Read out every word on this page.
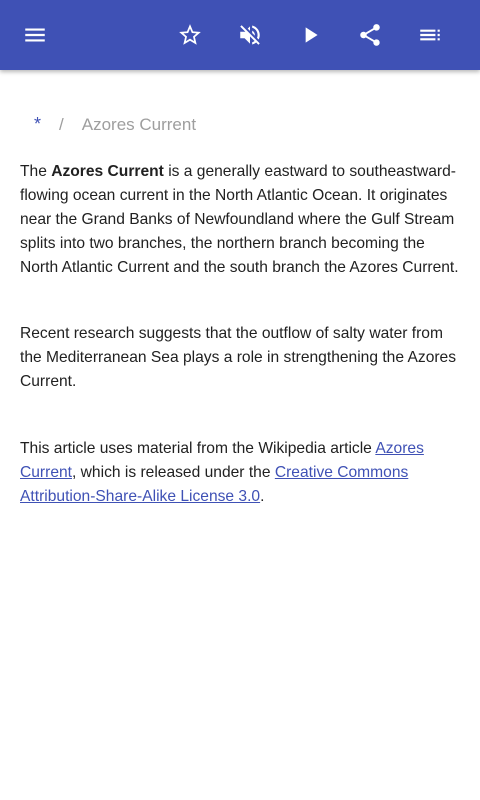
* / Azores Current
The Azores Current is a generally eastward to southeastward-flowing ocean current in the North Atlantic Ocean. It originates near the Grand Banks of Newfoundland where the Gulf Stream splits into two branches, the northern branch becoming the North Atlantic Current and the south branch the Azores Current.
Recent research suggests that the outflow of salty water from the Mediterranean Sea plays a role in strengthening the Azores Current.
This article uses material from the Wikipedia article Azores Current, which is released under the Creative Commons Attribution-Share-Alike License 3.0.
